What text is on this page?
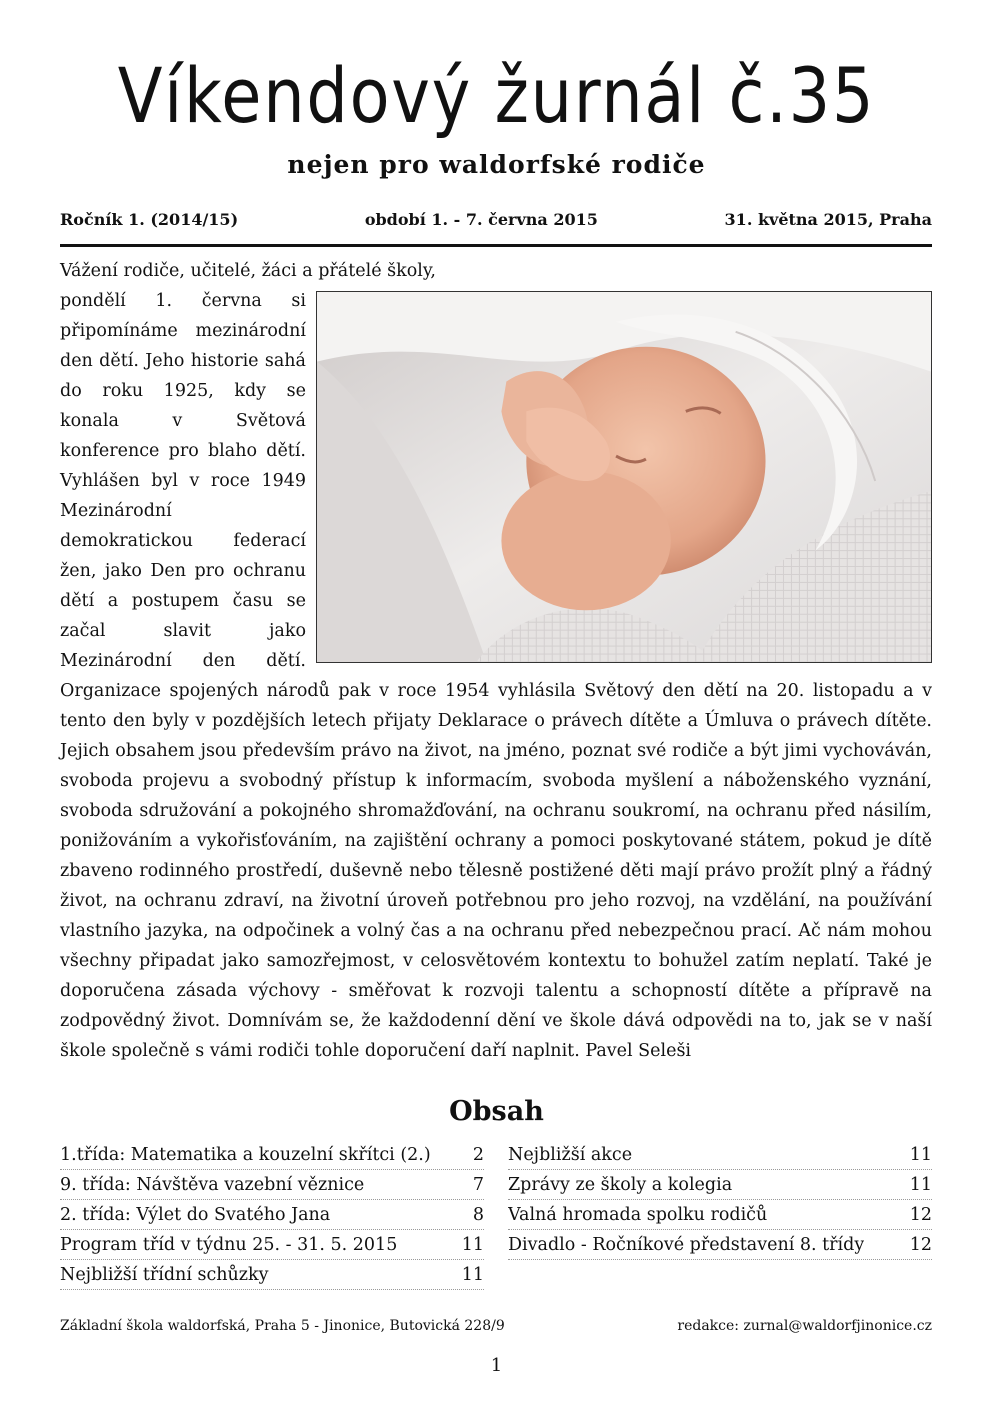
Víkendový žurnál č.35
nejen pro waldorfské rodiče
Ročník 1. (2014/15)	období 1. - 7. června 2015	31. května 2015, Praha

Vážení rodiče, učitelé, žáci a přátelé školy,

pondělí 1. června si připomínáme mezinárodní den dětí. Jeho historie sahá do roku 1925, kdy se konala v Světová konference pro blaho dětí. Vyhlášen byl v roce 1949 Mezinárodní demokratickou federací žen, jako Den pro ochranu dětí a postupem času se začal slavit jako Mezinárodní den dětí. Organizace spojených národů pak v roce 1954 vyhlásila Světový den dětí na 20. listopadu a v tento den byly v pozdějších letech přijaty Deklarace o právech dítěte a Úmluva o právech dítěte. Jejich obsahem jsou především právo na život, na jméno, poznat své rodiče a být jimi vychováván, svoboda projevu a svobodný přístup k informacím, svoboda myšlení a náboženského vyznání, svoboda sdružování a pokojného shromažďování, na ochranu soukromí, na ochranu před násilím, ponižováním a vykořisťováním, na zajištění ochrany a pomoci poskytované státem, pokud je dítě zbaveno rodinného prostředí, duševně nebo tělesně postižené děti mají právo prožít plný a řádný život, na ochranu zdraví, na životní úroveň potřebnou pro jeho rozvoj, na vzdělání, na používání vlastního jazyka, na odpočinek a volný čas a na ochranu před nebezpečnou prací. Ač nám mohou všechny připadat jako samozřejmost, v celosvětovém kontextu to bohužel zatím neplatí. Také je doporučena zásada výchovy - směřovat k rozvoji talentu a schopností dítěte a přípravě na zodpovědný život. Domnívám se, že každodenní dění ve škole dává odpovědi na to, jak se v naší škole společně s vámi rodiči tohle doporučení daří naplnit. Pavel Seleši

Obsah
1.třída: Matematika a kouzelní skřítci (2.)	2
9. třída: Návštěva vazební věznice	7
2. třída: Výlet do Svatého Jana	8
Program tříd v týdnu 25. - 31. 5. 2015	11
Nejbližší třídní schůzky	11
Nejbližší akce	11
Zprávy ze školy a kolegia	11
Valná hromada spolku rodičů	12
Divadlo - Ročníkové představení 8. třídy	12
Základní škola waldorfská, Praha 5 - Jinonice, Butovická 228/9	redakce: zurnal@waldorfjinonice.cz
1
